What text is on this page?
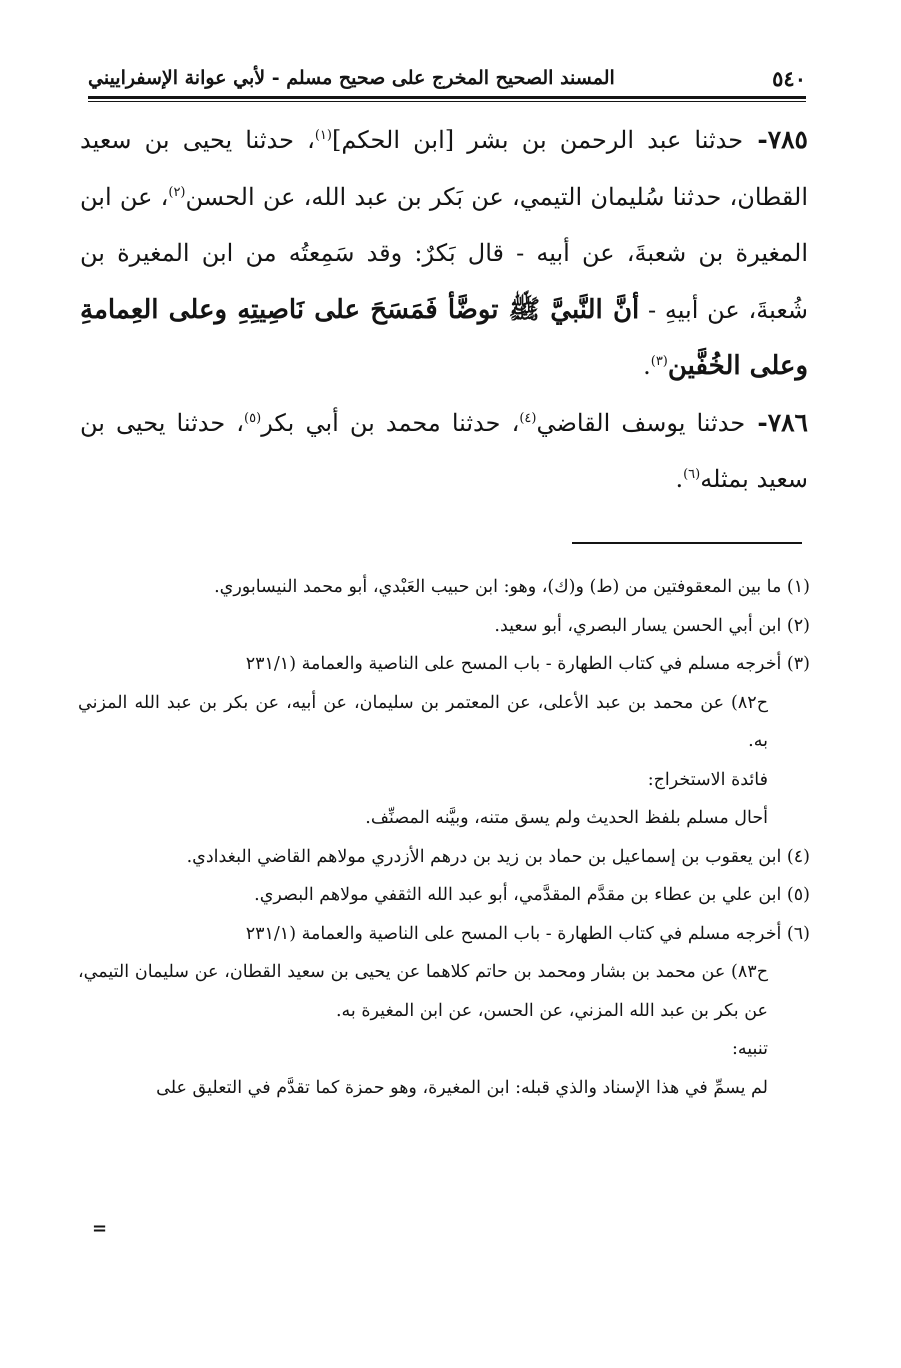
المسند الصحيح المخرج على صحيح مسلم - لأبي عوانة الإسفراييني	٥٤٠

٧٨٥- حدثنا عبد الرحمن بن بشر [ابن الحكم]$^{(١)}$، حدثنا يحيى بن سعيد القطان، حدثنا سُليمان التيمي، عن بَكر بن عبد الله، عن الحسن$^{(٢)}$، عن ابن المغيرة بن شعبةَ، عن أبيه - قال بَكرٌ: وقد سَمِعتُه من ابن المغيرة بن شُعبةَ، عن أبيهِ - أنَّ النَّبيَّ ﷺ توضَّأ فَمَسَحَ على نَاصِيتِهِ وعلى العِمامةِ وعلى الخُفَّين$^{(٣)}$.

٧٨٦- حدثنا يوسف القاضي$^{(٤)}$، حدثنا محمد بن أبي بكر$^{(٥)}$، حدثنا يحيى بن سعيد بمثله$^{(٦)}$.

(١) ما بين المعقوفتين من (ط) و(ك)، وهو: ابن حبيب العَبْدي، أبو محمد النيسابوري.

(٢) ابن أبي الحسن يسار البصري، أبو سعيد.

(٣) أخرجه مسلم في كتاب الطهارة - باب المسح على الناصية والعمامة (٢٣١/١

ح٨٢) عن محمد بن عبد الأعلى، عن المعتمر بن سليمان، عن أبيه، عن بكر بن عبد الله المزني به.

فائدة الاستخراج:

أحال مسلم بلفظ الحديث ولم يسق متنه، وبيَّنه المصنِّف.

(٤) ابن يعقوب بن إسماعيل بن حماد بن زيد بن درهم الأزدري مولاهم القاضي البغدادي.

(٥) ابن علي بن عطاء بن مقدَّم المقدَّمي، أبو عبد الله الثقفي مولاهم البصري.

(٦) أخرجه مسلم في كتاب الطهارة - باب المسح على الناصية والعمامة (٢٣١/١

ح٨٣) عن محمد بن بشار ومحمد بن حاتم كلاهما عن يحيى بن سعيد القطان، عن سليمان التيمي، عن بكر بن عبد الله المزني، عن الحسن، عن ابن المغيرة به.

تنبيه:

لم يسمِّ في هذا الإسناد والذي قبله: ابن المغيرة، وهو حمزة كما تقدَّم في التعليق على

=
